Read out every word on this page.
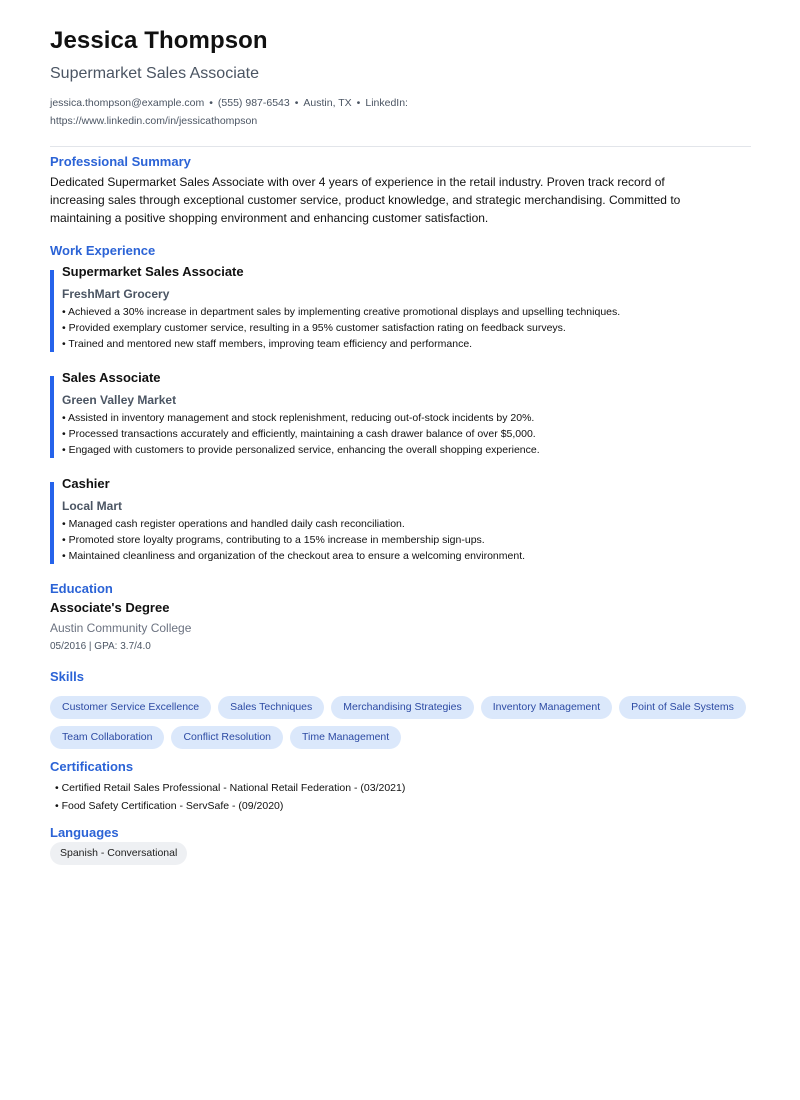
Jessica Thompson
Supermarket Sales Associate
jessica.thompson@example.com • (555) 987-6543 • Austin, TX • LinkedIn:
https://www.linkedin.com/in/jessicathompson
Professional Summary
Dedicated Supermarket Sales Associate with over 4 years of experience in the retail industry. Proven track record of increasing sales through exceptional customer service, product knowledge, and strategic merchandising. Committed to maintaining a positive shopping environment and enhancing customer satisfaction.
Work Experience
Supermarket Sales Associate
FreshMart Grocery
• Achieved a 30% increase in department sales by implementing creative promotional displays and upselling techniques.
• Provided exemplary customer service, resulting in a 95% customer satisfaction rating on feedback surveys.
• Trained and mentored new staff members, improving team efficiency and performance.
Sales Associate
Green Valley Market
• Assisted in inventory management and stock replenishment, reducing out-of-stock incidents by 20%.
• Processed transactions accurately and efficiently, maintaining a cash drawer balance of over $5,000.
• Engaged with customers to provide personalized service, enhancing the overall shopping experience.
Cashier
Local Mart
• Managed cash register operations and handled daily cash reconciliation.
• Promoted store loyalty programs, contributing to a 15% increase in membership sign-ups.
• Maintained cleanliness and organization of the checkout area to ensure a welcoming environment.
Education
Associate's Degree
Austin Community College
05/2016 | GPA: 3.7/4.0
Skills
Customer Service Excellence	Sales Techniques	Merchandising Strategies	Inventory Management	Point of Sale Systems
Team Collaboration	Conflict Resolution	Time Management
Certifications
• Certified Retail Sales Professional - National Retail Federation - (03/2021)
• Food Safety Certification - ServSafe - (09/2020)
Languages
Spanish - Conversational
